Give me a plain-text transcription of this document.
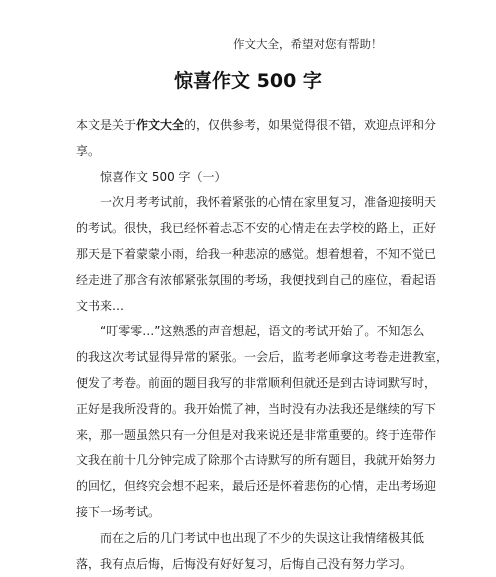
作文大全，希望对您有帮助！
惊喜作文 500 字
本文是关于作文大全的，仅供参考，如果觉得很不错，欢迎点评和分
享。
惊喜作文 500 字（一）
一次月考考试前，我怀着紧张的心情在家里复习，准备迎接明天
的考试。很快，我已经怀着忐忑不安的心情走在去学校的路上，正好
那天是下着蒙蒙小雨，给我一种悲凉的感觉。想着想着，不知不觉已
经走进了那含有浓郁紧张氛围的考场，我便找到自己的座位，看起语
文书来…
“叮零零…”这熟悉的声音想起，语文的考试开始了。不知怎么
的我这次考试显得异常的紧张。一会后，监考老师拿这考卷走进教室，
便发了考卷。前面的题目我写的非常顺利但就还是到古诗词默写时，
正好是我所没背的。我开始慌了神，当时没有办法我还是继续的写下
来，那一题虽然只有一分但是对我来说还是非常重要的。终于连带作
文我在前十几分钟完成了除那个古诗默写的所有题目，我就开始努力
的回忆，但终究会想不起来，最后还是怀着悲伤的心情，走出考场迎
接下一场考试。
而在之后的几门考试中也出现了不少的失误这让我情绪极其低
落，我有点后悔，后悔没有好好复习，后悔自己没有努力学习。
